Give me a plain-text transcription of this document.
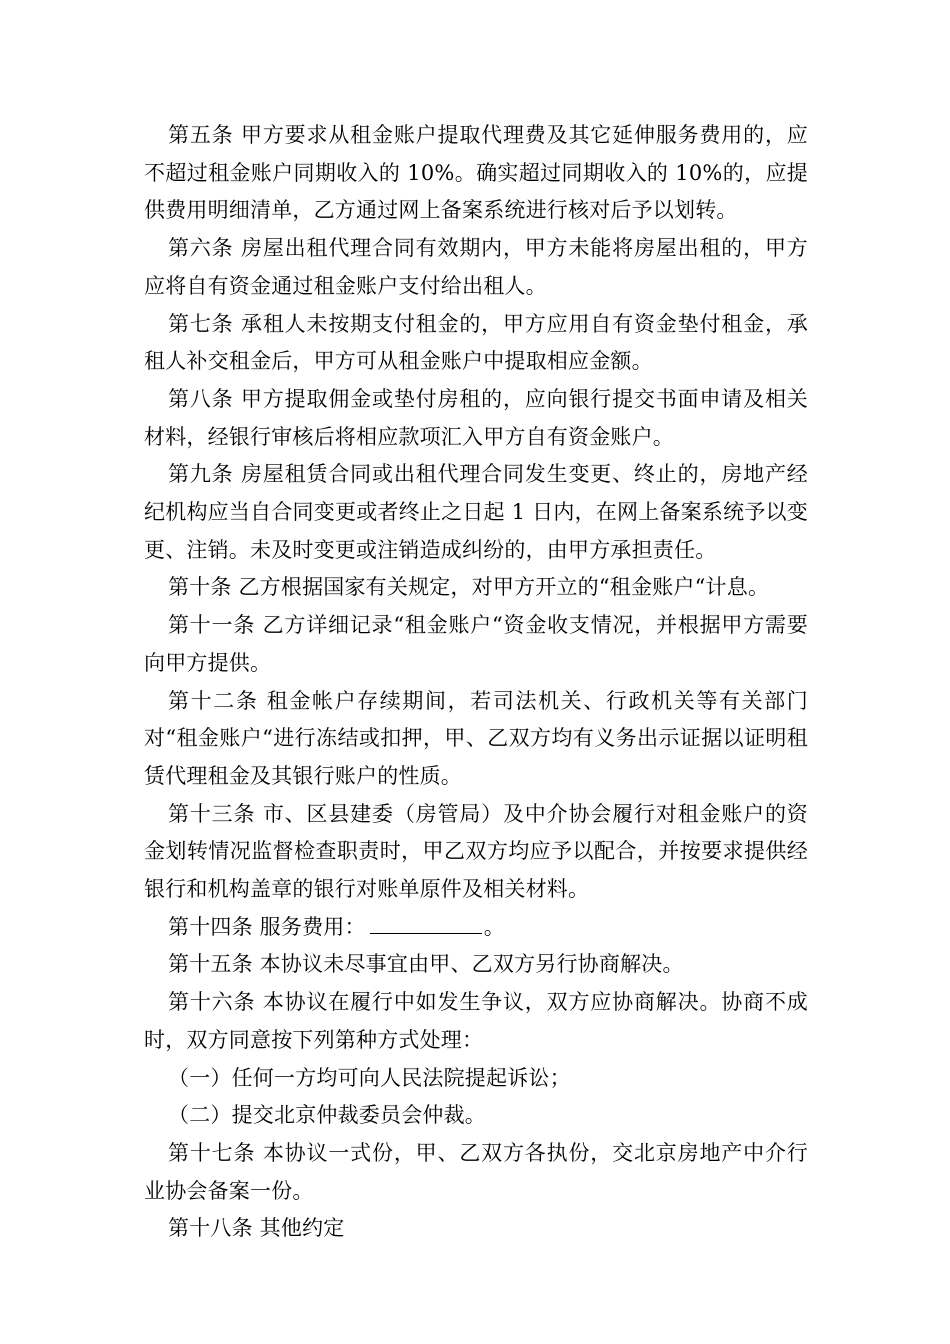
第五条 甲方要求从租金账户提取代理费及其它延伸服务费用的，应不超过租金账户同期收入的 10%。确实超过同期收入的 10%的，应提供费用明细清单，乙方通过网上备案系统进行核对后予以划转。

第六条 房屋出租代理合同有效期内，甲方未能将房屋出租的，甲方应将自有资金通过租金账户支付给出租人。

第七条 承租人未按期支付租金的，甲方应用自有资金垫付租金，承租人补交租金后，甲方可从租金账户中提取相应金额。

第八条 甲方提取佣金或垫付房租的，应向银行提交书面申请及相关材料，经银行审核后将相应款项汇入甲方自有资金账户。

第九条 房屋租赁合同或出租代理合同发生变更、终止的，房地产经纪机构应当自合同变更或者终止之日起 1 日内，在网上备案系统予以变更、注销。未及时变更或注销造成纠纷的，由甲方承担责任。

第十条 乙方根据国家有关规定，对甲方开立的“租金账户“计息。

第十一条 乙方详细记录“租金账户“资金收支情况，并根据甲方需要向甲方提供。

第十二条 租金帐户存续期间，若司法机关、行政机关等有关部门对“租金账户“进行冻结或扣押，甲、乙双方均有义务出示证据以证明租赁代理租金及其银行账户的性质。

第十三条 市、区县建委（房管局）及中介协会履行对租金账户的资金划转情况监督检查职责时，甲乙双方均应予以配合，并按要求提供经银行和机构盖章的银行对账单原件及相关材料。

第十四条 服务费用：	。

第十五条 本协议未尽事宜由甲、乙双方另行协商解决。

第十六条 本协议在履行中如发生争议，双方应协商解决。协商不成时，双方同意按下列第种方式处理：

（一）任何一方均可向人民法院提起诉讼；

（二）提交北京仲裁委员会仲裁。

第十七条 本协议一式份，甲、乙双方各执份，交北京房地产中介行业协会备案一份。

第十八条 其他约定
